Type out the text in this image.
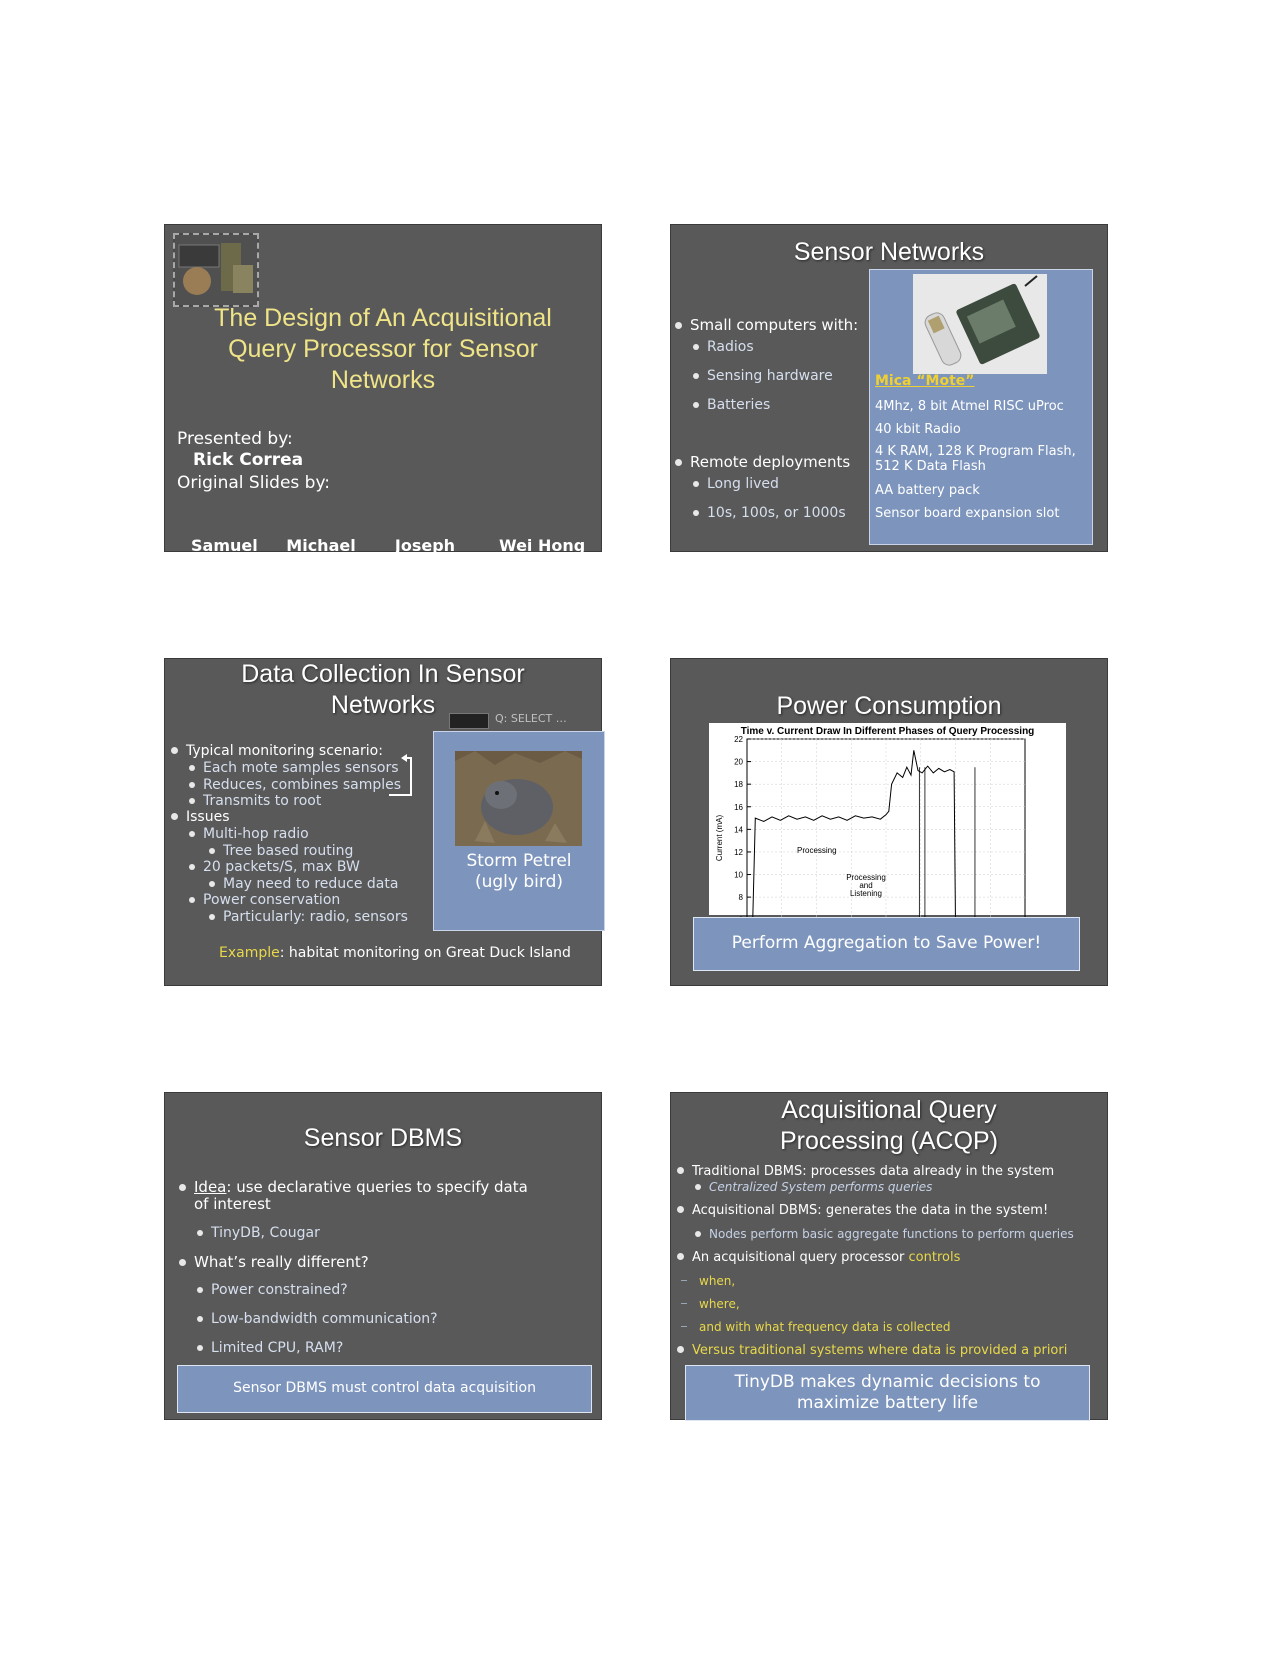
The Design of An Acquisitional
Query Processor for Sensor
Networks
Presented by:
Rick Correa
Original Slides by:

Samuel
Madden

Michael
Franklin

Joseph
Hellerstein

Wei Hong

Sensor Networks
Mica “Mote”
4Mhz, 8 bit Atmel RISC uProc
40 kbit Radio
4 K RAM, 128 K Program Flash,
512 K Data Flash
AA battery pack
Sensor board expansion slot
Small computers with:
Radios
Sensing hardware
Batteries
Remote deployments
Long lived
10s, 100s, or 1000s
Data Collection In Sensor
Networks	Q: SELECT …
Storm Petrel
(ugly bird)
Typical monitoring scenario:
Each mote samples sensors
Reduces, combines samples
Transmits to root
Issues
Multi-hop radio
Tree based routing
20 packets/S, max BW
May need to reduce data
Power conservation
Particularly: radio, sensors
Example: habitat monitoring on Great Duck Island
Power Consumption
Time v. Current Draw In Different Phases of Query Processing
8
10
12
14
16
18
20
22
Current (mA)	Processing
Processing
and
Listening
Perform Aggregation to Save Power!
Sensor DBMS
Idea: use declarative queries to specify data
of interest
TinyDB, Cougar
What’s really different?
Power constrained?
Low-bandwidth communication?
Limited CPU, RAM?
Sensor DBMS must control data acquisition
Acquisitional Query
Processing (ACQP)
Traditional DBMS: processes data already in the system
Centralized System performs queries
Acquisitional DBMS: generates the data in the system!
Nodes perform basic aggregate functions to perform queries
An acquisitional query processor controls
when,
where,
and with what frequency data is collected
Versus traditional systems where data is provided a priori
TinyDB makes dynamic decisions to
maximize battery life
